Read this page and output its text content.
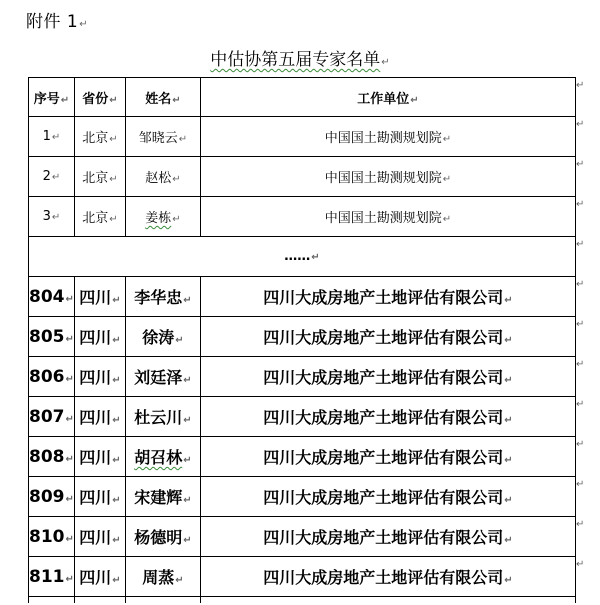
附件 1↵
中估协第五届专家名单↵
序号↵	省份↵	姓名↵	工作单位↵
1↵	北京↵	邹晓云↵	中国国土勘测规划院↵
2↵	北京↵	赵松↵	中国国土勘测规划院↵
3↵	北京↵	姜栋↵	中国国土勘测规划院↵
……↵			
804↵	四川↵	李华忠↵	四川大成房地产土地评估有限公司↵
805↵	四川↵	徐涛↵	四川大成房地产土地评估有限公司↵
806↵	四川↵	刘廷泽↵	四川大成房地产土地评估有限公司↵
807↵	四川↵	杜云川↵	四川大成房地产土地评估有限公司↵
808↵	四川↵	胡召林↵	四川大成房地产土地评估有限公司↵
809↵	四川↵	宋建辉↵	四川大成房地产土地评估有限公司↵
810↵	四川↵	杨德明↵	四川大成房地产土地评估有限公司↵
811↵	四川↵	周蒸↵	四川大成房地产土地评估有限公司↵

↵
↵
↵
↵
↵
↵
↵
↵
↵
↵
↵
↵
↵
